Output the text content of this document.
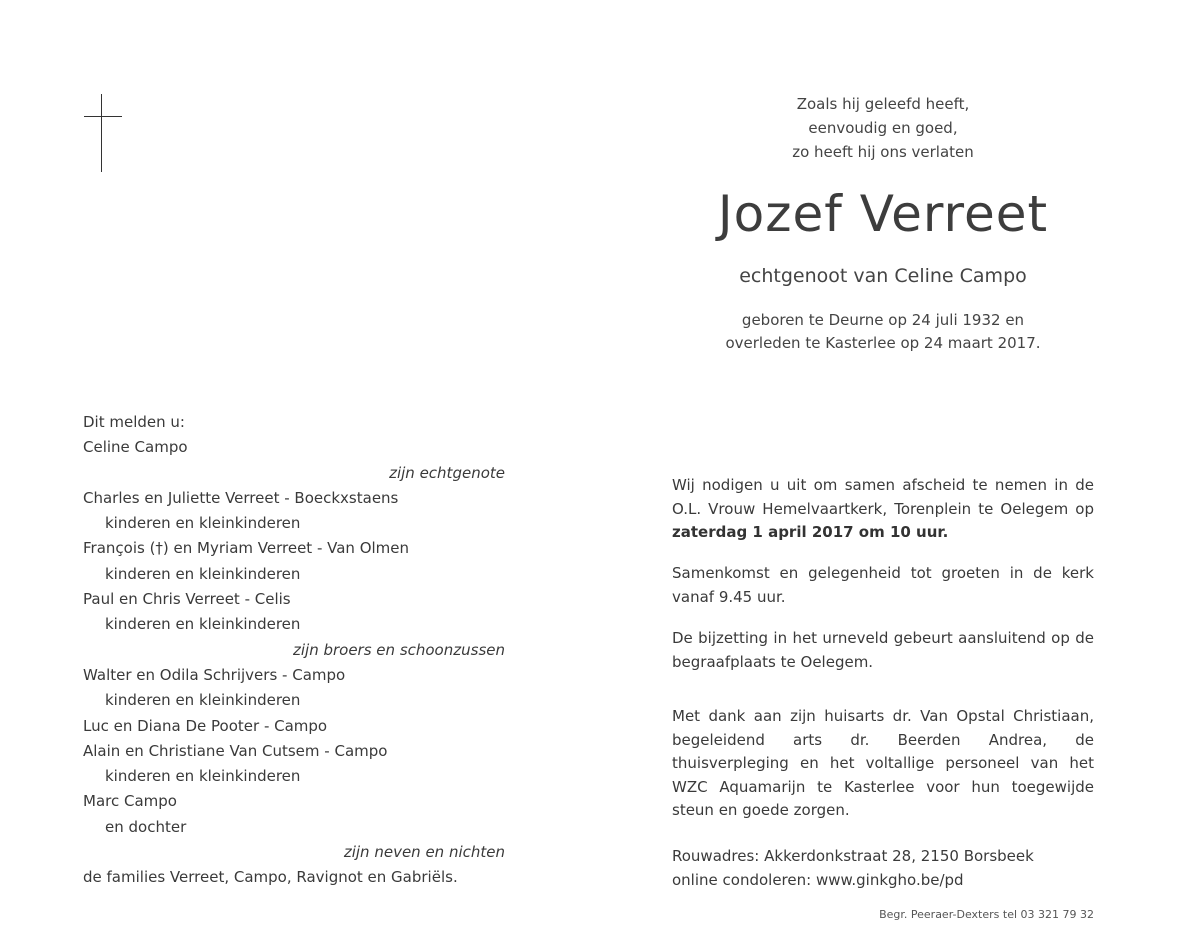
Zoals hij geleefd heeft,
eenvoudig en goed,
zo heeft hij ons verlaten
Jozef Verreet
echtgenoot van Celine Campo
geboren te Deurne op 24 juli 1932 en
overleden te Kasterlee op 24 maart 2017.
Dit melden u:
Celine Campo
zijn echtgenote
Charles en Juliette Verreet - Boeckxstaens
kinderen en kleinkinderen
François (†) en Myriam Verreet - Van Olmen
kinderen en kleinkinderen
Paul en Chris Verreet - Celis
kinderen en kleinkinderen
zijn broers en schoonzussen
Walter en Odila Schrijvers - Campo
kinderen en kleinkinderen
Luc en Diana De Pooter - Campo
Alain en Christiane Van Cutsem - Campo
kinderen en kleinkinderen
Marc Campo
en dochter
zijn neven en nichten
de families Verreet, Campo, Ravignot en Gabriëls.

Wij nodigen u uit om samen afscheid te nemen in de O.L. Vrouw Hemelvaartkerk, Torenplein te Oelegem op zaterdag 1 april 2017 om 10 uur.

Samenkomst en gelegenheid tot groeten in de kerk vanaf 9.45 uur.

De bijzetting in het urneveld gebeurt aansluitend op de begraafplaats te Oelegem.

Met dank aan zijn huisarts dr. Van Opstal Christiaan, begeleidend arts dr. Beerden Andrea, de thuisverpleging en het voltallige personeel van het WZC Aquamarijn te Kasterlee voor hun toegewijde steun en goede zorgen.

Rouwadres: Akkerdonkstraat 28, 2150 Borsbeek
online condoleren: www.ginkgho.be/pd
Begr. Peeraer-Dexters tel 03 321 79 32
